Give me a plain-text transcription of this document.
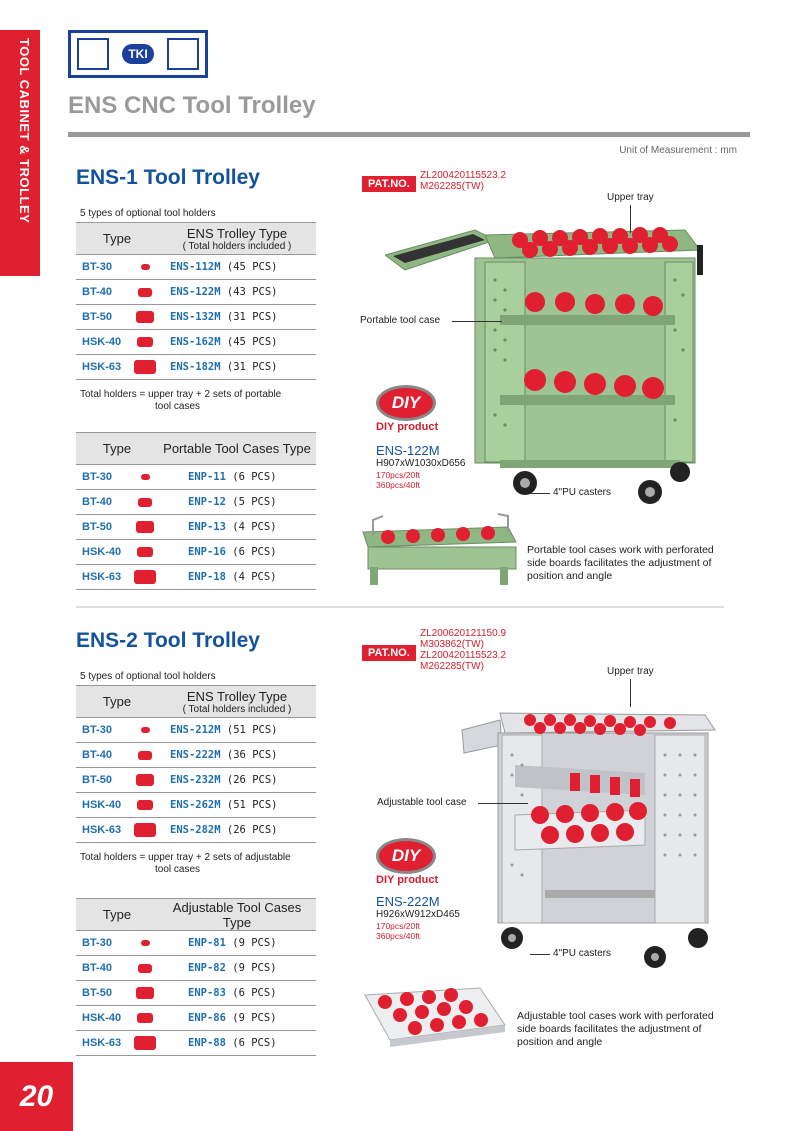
TOOL CABINET & TROLLEY
20
TKI
ENS CNC Tool Trolley
Unit of Measurement : mm
ENS-1 Tool Trolley
5 types of optional tool holders
Type		ENS Trolley Type
( Total holders included )

BT-30		ENS-112M (45 PCS)
BT-40		ENS-122M (43 PCS)
BT-50		ENS-132M (31 PCS)
HSK-40		ENS-162M (45 PCS)
HSK-63		ENS-182M (31 PCS)
Total holders = upper tray + 2 sets of portable
tool cases
Type		Portable Tool Cases Type
BT-30		ENP-11 (6 PCS)
BT-40		ENP-12 (5 PCS)
BT-50		ENP-13 (4 PCS)
HSK-40		ENP-16 (6 PCS)
HSK-63		ENP-18 (4 PCS)
PAT.NO.
ZL200420115523.2
M262285(TW)
Upper tray
Portable tool case
4"PU casters
DIY
DIY product
ENS-122M
H907xW1030xD656
170pcs/20ft
360pcs/40ft
Portable tool cases work with perforated
side boards facilitates the adjustment of
position and angle
ENS-2 Tool Trolley
5 types of optional tool holders
Type		ENS Trolley Type
( Total holders included )

BT-30		ENS-212M (51 PCS)
BT-40		ENS-222M (36 PCS)
BT-50		ENS-232M (26 PCS)
HSK-40		ENS-262M (51 PCS)
HSK-63		ENS-282M (26 PCS)
Total holders = upper tray + 2 sets of adjustable
tool cases
Type		Adjustable Tool Cases Type
BT-30		ENP-81 (9 PCS)
BT-40		ENP-82 (9 PCS)
BT-50		ENP-83 (6 PCS)
HSK-40		ENP-86 (9 PCS)
HSK-63		ENP-88 (6 PCS)
PAT.NO.
ZL200620121150.9
M303862(TW)
ZL200420115523.2
M262285(TW)	Upper tray
Adjustable tool case
4"PU casters
DIY
DIY product
ENS-222M
H926xW912xD465
170pcs/20ft
360pcs/40ft
Adjustable tool cases work with perforated
side boards facilitates the adjustment of
position and angle
